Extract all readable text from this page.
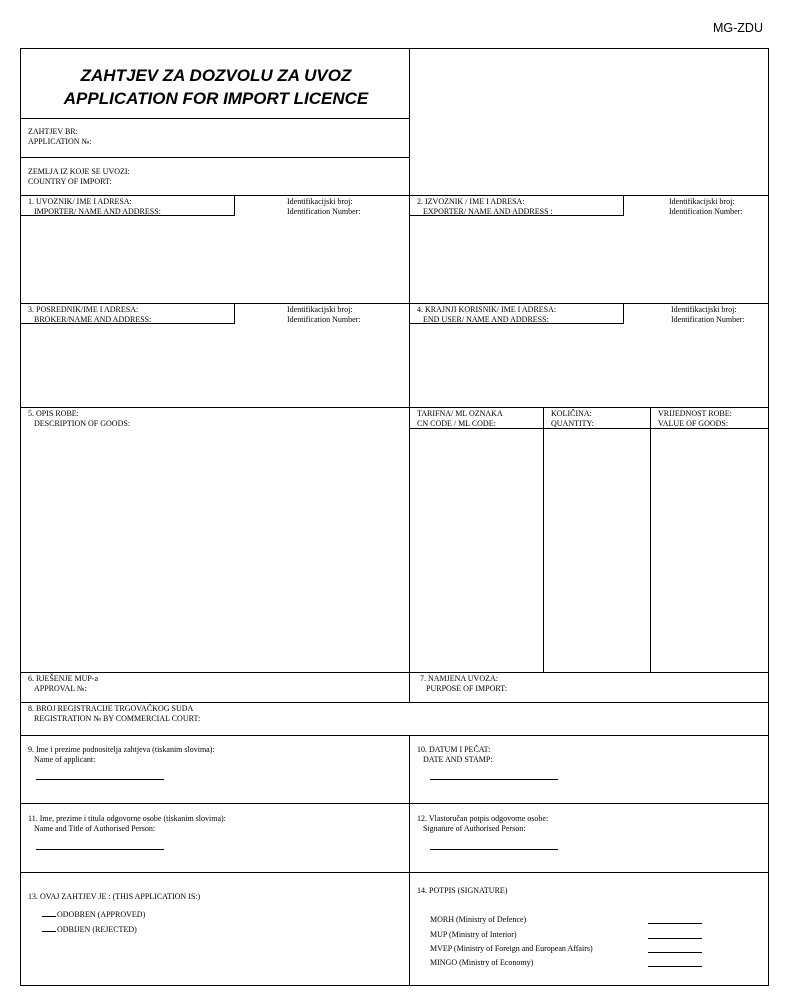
MG-ZDU
ZAHTJEV ZA DOZVOLU ZA UVOZ
APPLICATION FOR IMPORT LICENCE
ZAHTJEV BR:
APPLICATION №:
ZEMLJA IZ KOJE SE UVOZI:
COUNTRY OF IMPORT:
1. UVOZNIK/ IME I ADRESA:
IMPORTER/ NAME AND ADDRESS:
Identifikacijski broj:
Identification Number:
2. IZVOZNIK / IME I ADRESA:
EXPORTER/ NAME AND ADDRESS :
Identifikacijski broj:
Identification Number:
3. POSREDNIK/IME I ADRESA:
BROKER/NAME AND ADDRESS:
Identifikacijski broj:
Identification Number:
4. KRAJNJI KORISNIK/ IME I ADRESA:
END USER/ NAME AND ADDRESS:
Identifikacijski broj:
Identification Number:
5. OPIS ROBE:
DESCRIPTION OF GOODS:
TARIFNA/ ML OZNAKA
CN CODE / ML CODE:
KOLIČINA:
QUANTITY:
VRIJEDNOST ROBE:
VALUE OF GOODS:
6. RJEŠENJE MUP-a
APPROVAL №:
7. NAMJENA UVOZA:
PURPOSE OF IMPORT:
8. BROJ REGISTRACIJE TRGOVAČKOG SUDA
REGISTRATION № BY COMMERCIAL COURT:
9. Ime i prezime podnositelja zahtjeva (tiskanim slovima):
Name of applicant:
10. DATUM I PEČAT:
DATE AND STAMP:
11. Ime, prezime i titula odgovorne osobe (tiskanim slovima):
Name and Title of Authorised Person:
12. Vlastoručan potpis odgovorne osobe:
Signature of Authorised Person:
13. OVAJ ZAHTJEV JE : (THIS APPLICATION IS:)
ODOBREN (APPROVED)
ODBIJEN (REJECTED)
14. POTPIS (SIGNATURE)
MORH (Ministry of Defence)
MUP (Ministry of Interior)
MVEP (Ministry of Foreign and European Affairs)
MINGO (Ministry of Economy)
